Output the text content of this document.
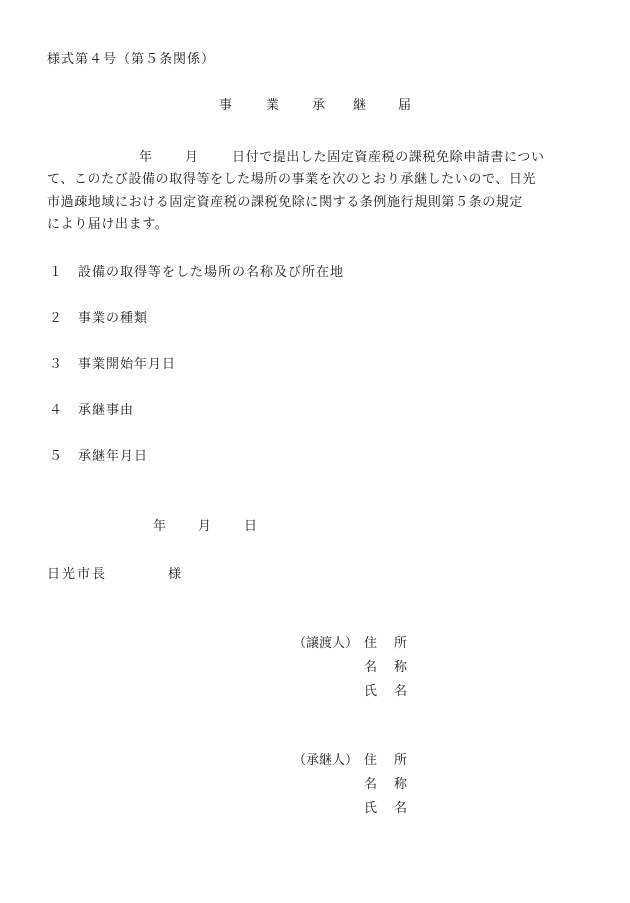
様式第４号（第５条関係）
事	業	承 継 届
年	月	日付で提出した固定資産税の課税免除申請書につい
て、このたび設備の取得等をした場所の事業を次のとおり承継したいので、日光
市過疎地域における固定資産税の課税免除に関する条例施行規則第５条の規定
により届け出ます。
１ 設備の取得等をした場所の名称及び所在地
２ 事業の種類
３ 事業開始年月日
４ 承継事由
５ 承継年月日
年 月	日
日光市長	様
（譲渡人） 住 所
名 称
氏 名
（承継人） 住 所
名 称
氏 名
